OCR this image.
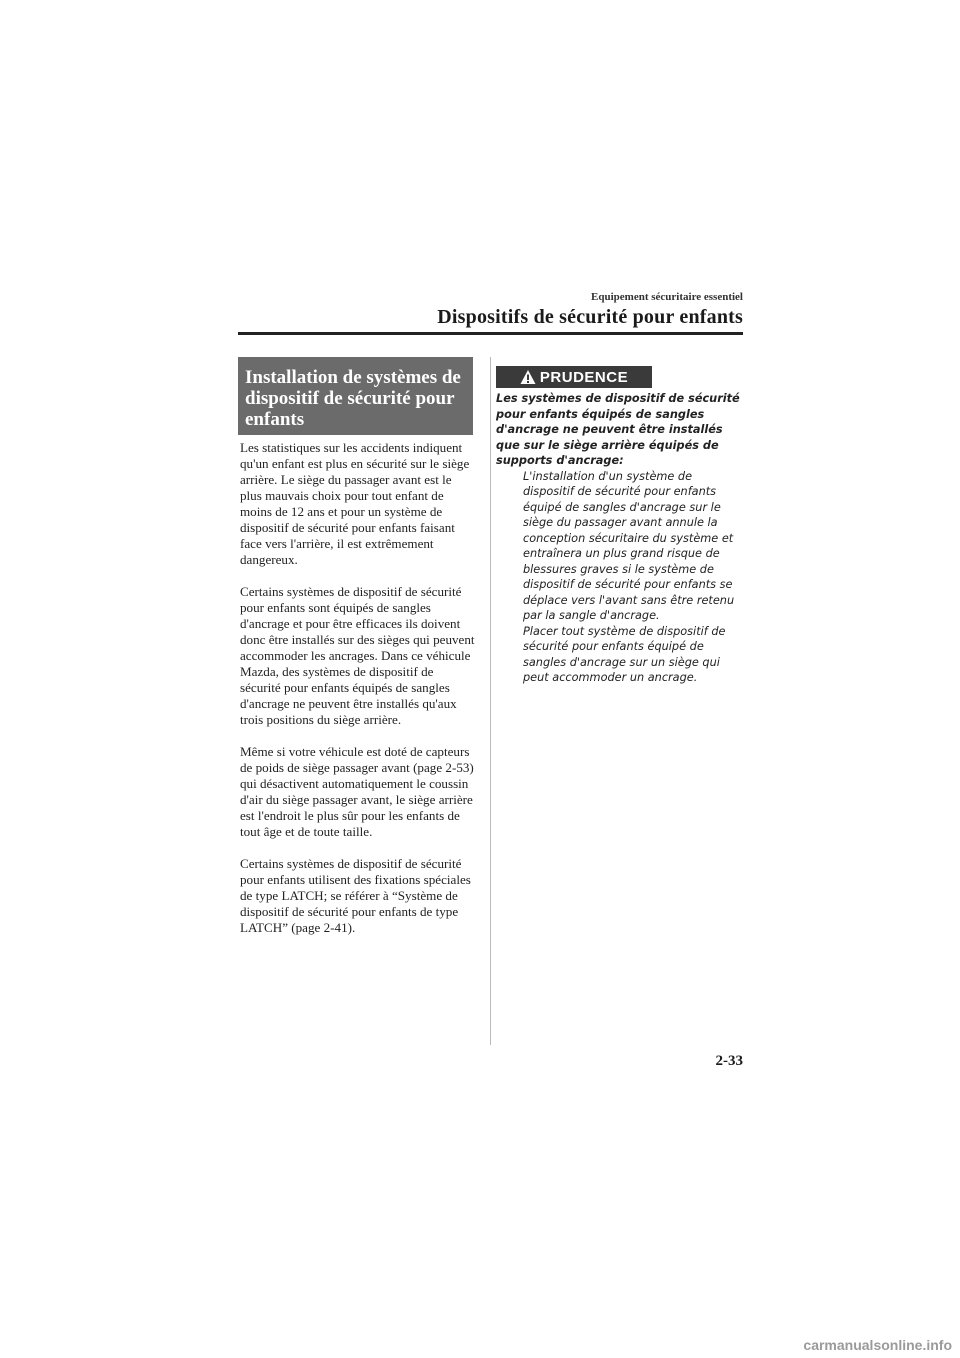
Equipement sécuritaire essentiel
Dispositifs de sécurité pour enfants
Installation de systèmes de
dispositif de sécurité pour
enfants

Les statistiques sur les accidents indiquent qu'un enfant est plus en sécurité sur le siège arrière. Le siège du passager avant est le plus mauvais choix pour tout enfant de moins de 12 ans et pour un système de dispositif de sécurité pour enfants faisant face vers l'arrière, il est extrêmement dangereux.

Certains systèmes de dispositif de sécurité pour enfants sont équipés de sangles d'ancrage et pour être efficaces ils doivent donc être installés sur des sièges qui peuvent accommoder les ancrages. Dans ce véhicule Mazda, des systèmes de dispositif de sécurité pour enfants équipés de sangles d'ancrage ne peuvent être installés qu'aux trois positions du siège arrière.

Même si votre véhicule est doté de capteurs de poids de siège passager avant (page 2-53) qui désactivent automatiquement le coussin d'air du siège passager avant, le siège arrière est l'endroit le plus sûr pour les enfants de tout âge et de toute taille.

Certains systèmes de dispositif de sécurité pour enfants utilisent des fixations spéciales de type LATCH; se référer à “Système de dispositif de sécurité pour enfants de type LATCH” (page 2-41).

PRUDENCE

Les systèmes de dispositif de sécurité pour enfants équipés de sangles d'ancrage ne peuvent être installés que sur le siège arrière équipés de supports d'ancrage:

L'installation d'un système de dispositif de sécurité pour enfants équipé de sangles d'ancrage sur le siège du passager avant annule la conception sécuritaire du système et entraînera un plus grand risque de blessures graves si le système de dispositif de sécurité pour enfants se déplace vers l'avant sans être retenu par la sangle d'ancrage.

Placer tout système de dispositif de sécurité pour enfants équipé de sangles d'ancrage sur un siège qui peut accommoder un ancrage.

2-33
carmanualsonline.info
